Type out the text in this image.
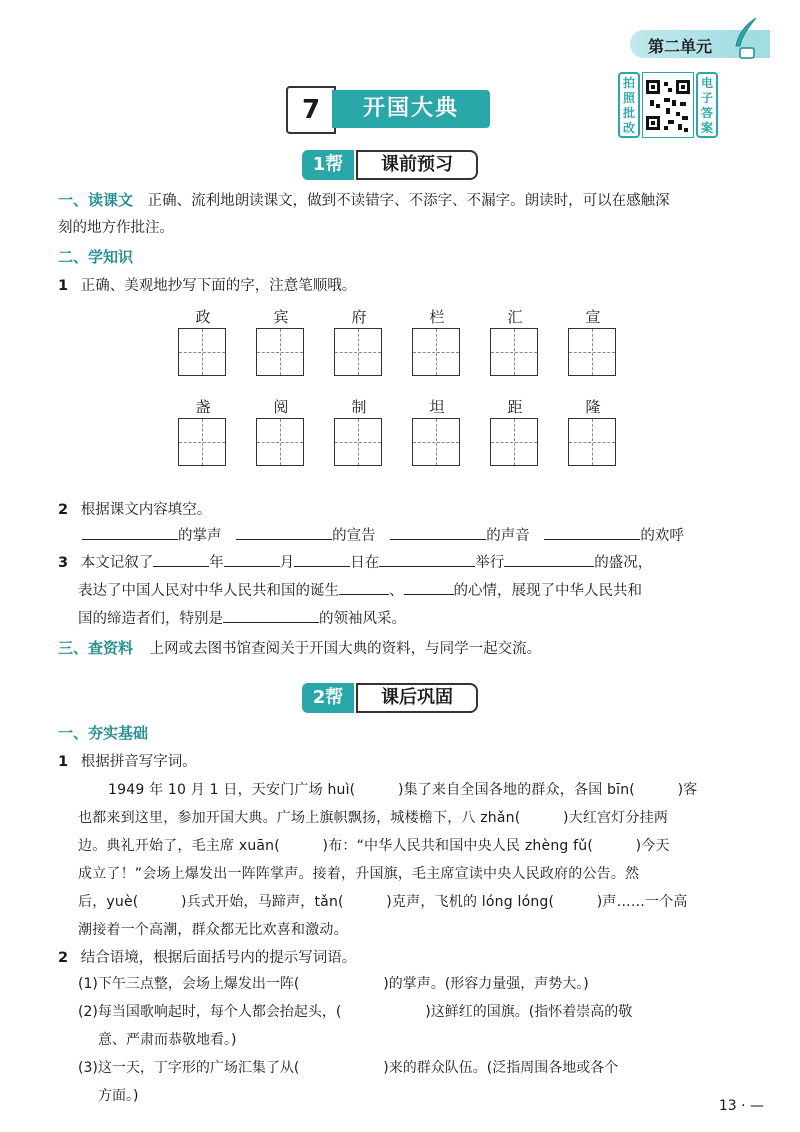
第二单元
7	开国大典
拍照批改
电子答案
1帮	课前预习
一、读课文 正确、流利地朗读课文，做到不读错字、不添字、不漏字。朗读时，可以在感触深
刻的地方作批注。
二、学知识
1 正确、美观地抄写下面的字，注意笔顺哦。
政	宾	府	栏	汇	宣
盏	阅	制	坦	距	隆
2 根据课文内容填空。
的掌声	的宣告	的声音	的欢呼
3 本文记叙了	年	月	日在	举行	的盛况，
表达了中国人民对中华人民共和国的诞生	、	的心情，展现了中华人民共和
国的缔造者们，特别是	的领袖风采。
三、查资料 上网或去图书馆查阅关于开国大典的资料，与同学一起交流。
2帮	课后巩固
一、夯实基础
1 根据拼音写字词。
1949 年 10 月 1 日，天安门广场 huì(　　　)集了来自全国各地的群众，各国 bīn(　　　)客
也都来到这里，参加开国大典。广场上旗帜飘扬，城楼檐下，八 zhǎn(　　　)大红宫灯分挂两
边。典礼开始了，毛主席 xuān(　　　)布：“中华人民共和国中央人民 zhèng fǔ(　　　)今天
成立了！”会场上爆发出一阵阵掌声。接着，升国旗，毛主席宣读中央人民政府的公告。然
后，yuè(　　　)兵式开始，马蹄声，tǎn(　　　)克声，飞机的 lóng lóng(　　　)声……一个高
潮接着一个高潮，群众都无比欢喜和激动。
2 结合语境，根据后面括号内的提示写词语。
(1)下午三点整，会场上爆发出一阵(　　　　　　)的掌声。(形容力量强，声势大。)
(2)每当国歌响起时，每个人都会抬起头，(　　　　　　)这鲜红的国旗。(指怀着崇高的敬
意、严肃而恭敬地看。)
(3)这一天，丁字形的广场汇集了从(　　　　　　)来的群众队伍。(泛指周围各地或各个
方面。)
13 · —
